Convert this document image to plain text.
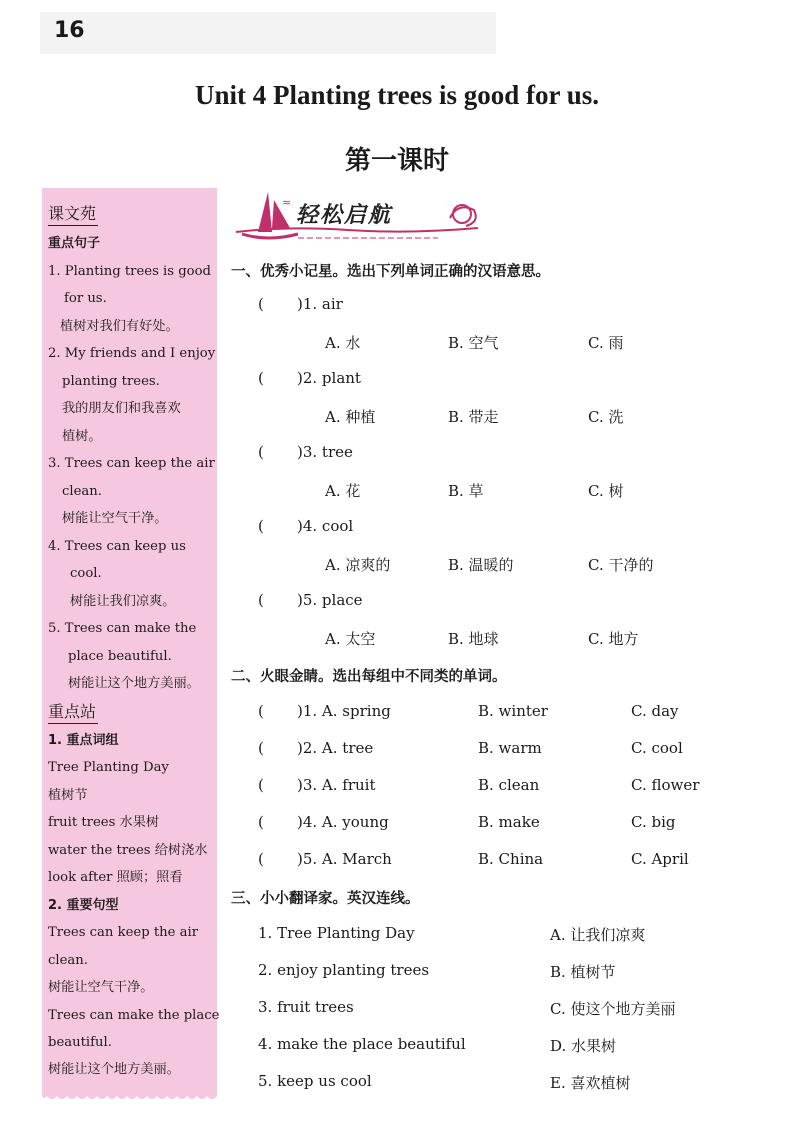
16
Unit 4 Planting trees is good for us.
第一课时
课文苑
重点句子
1. Planting trees is good
for us.
植树对我们有好处。
2. My friends and I enjoy
planting trees.
我的朋友们和我喜欢
植树。
3. Trees can keep the air
clean.
树能让空气干净。
4. Trees can keep us
cool.
树能让我们凉爽。
5. Trees can make the
place beautiful.
树能让这个地方美丽。
重点站
1. 重点词组
Tree Planting Day
植树节
fruit trees 水果树
water the trees 给树浇水
look after 照顾；照看
2. 重要句型
Trees can keep the air
clean.
树能让空气干净。
Trees can make the place
beautiful.
树能让这个地方美丽。
≈
轻松启航
一、优秀小记星。选出下列单词正确的汉语意思。
( )1. air
A. 水	B. 空气	C. 雨
( )2. plant
A. 种植	B. 带走	C. 洗
( )3. tree
A. 花	B. 草	C. 树
( )4. cool
A. 凉爽的	B. 温暖的	C. 干净的
( )5. place
A. 太空	B. 地球	C. 地方
二、火眼金睛。选出每组中不同类的单词。
( )1. A. spring	B. winter	C. day
( )2. A. tree	B. warm	C. cool
( )3. A. fruit	B. clean	C. flower
( )4. A. young	B. make	C. big
( )5. A. March	B. China	C. April
三、小小翻译家。英汉连线。
1. Tree Planting Day	A. 让我们凉爽
2. enjoy planting trees	B. 植树节
3. fruit trees	C. 使这个地方美丽
4. make the place beautiful	D. 水果树
5. keep us cool	E. 喜欢植树
